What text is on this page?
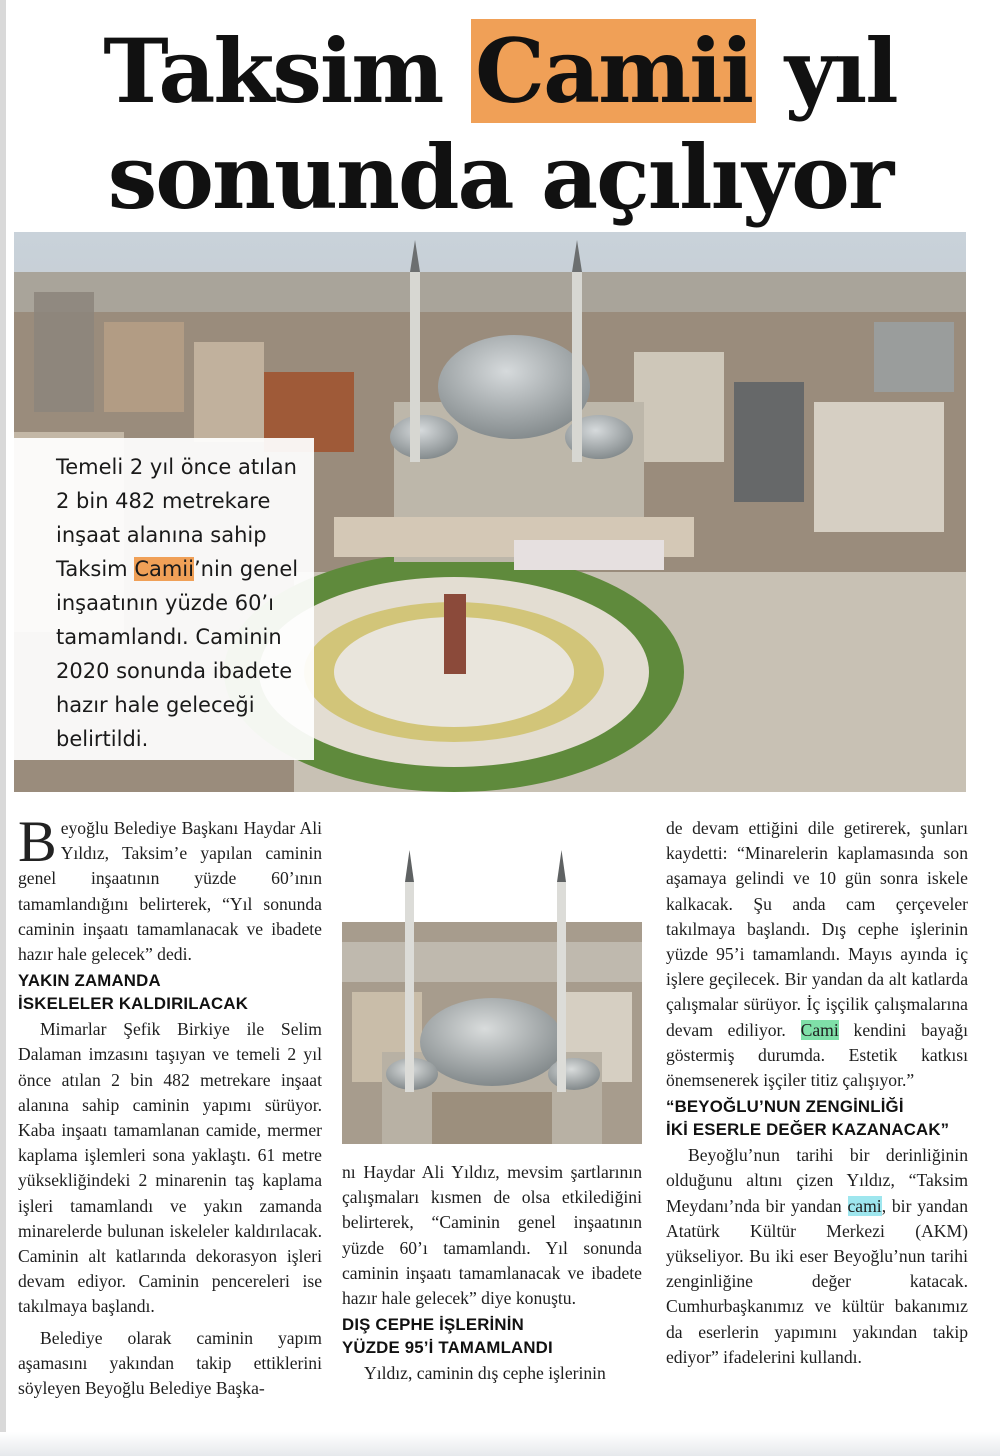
Taksim Camii yıl
sonunda açılıyor

Temeli 2 yıl önce atılan 2 bin 482 metrekare inşaat alanına sahip Taksim Camii’nin genel inşaatının yüzde 60’ı tamamlandı. Caminin 2020 sonunda ibadete hazır hale geleceği belirtildi.

Beyoğlu Belediye Başkanı Haydar Ali Yıldız, Taksim’e yapılan caminin genel inşaatının yüzde 60’ının tamamlandığını belirterek, “Yıl sonunda caminin inşaatı tamamlanacak ve ibadete hazır hale gelecek” dedi.

YAKIN ZAMANDA
İSKELELER KALDIRILACAK

Mimarlar Şefik Birkiye ile Selim Dalaman imzasını taşıyan ve temeli 2 yıl önce atılan 2 bin 482 metrekare inşaat alanına sahip caminin yapımı sürüyor. Kaba inşaatı tamamlanan camide, mermer kaplama işlemleri sona yaklaştı. 61 metre yüksekliğindeki 2 minarenin taş kaplama işleri tamamlandı ve yakın zamanda minarelerde bulunan iskeleler kaldırılacak. Caminin alt katlarında dekorasyon işleri devam ediyor. Caminin pencereleri ise takılmaya başlandı.

Belediye olarak caminin yapım aşamasını yakından takip ettiklerini söyleyen Beyoğlu Belediye Başka-

nı Haydar Ali Yıldız, mevsim şartlarının çalışmaları kısmen de olsa etkilediğini belirterek, “Caminin genel inşaatının yüzde 60’ı tamamlandı. Yıl sonunda caminin inşaatı tamamlanacak ve ibadete hazır hale gelecek” diye konuştu.

DIŞ CEPHE İŞLERİNİN
YÜZDE 95’İ TAMAMLANDI

Yıldız, caminin dış cephe işlerinin

de devam ettiğini dile getirerek, şunları kaydetti: “Minarelerin kaplamasında son aşamaya gelindi ve 10 gün sonra iskele kalkacak. Şu anda cam çerçeveler takılmaya başlandı. Dış cephe işlerinin yüzde 95’i tamamlandı. Mayıs ayında iç işlere geçilecek. Bir yandan da alt katlarda çalışmalar sürüyor. İç işçilik çalışmalarına devam ediliyor. Cami kendini bayağı göstermiş durumda. Estetik katkısı önemsenerek işçiler titiz çalışıyor.”

“BEYOĞLU’NUN ZENGİNLİĞİ
İKİ ESERLE DEĞER KAZANACAK”

Beyoğlu’nun tarihi bir derinliğinin olduğunu altını çizen Yıldız, “Taksim Meydanı’nda bir yandan cami, bir yandan Atatürk Kültür Merkezi (AKM) yükseliyor. Bu iki eser Beyoğlu’nun tarihi zenginliğine değer katacak. Cumhurbaşkanımız ve kültür bakanımız da eserlerin yapımını yakından takip ediyor” ifadelerini kullandı.
